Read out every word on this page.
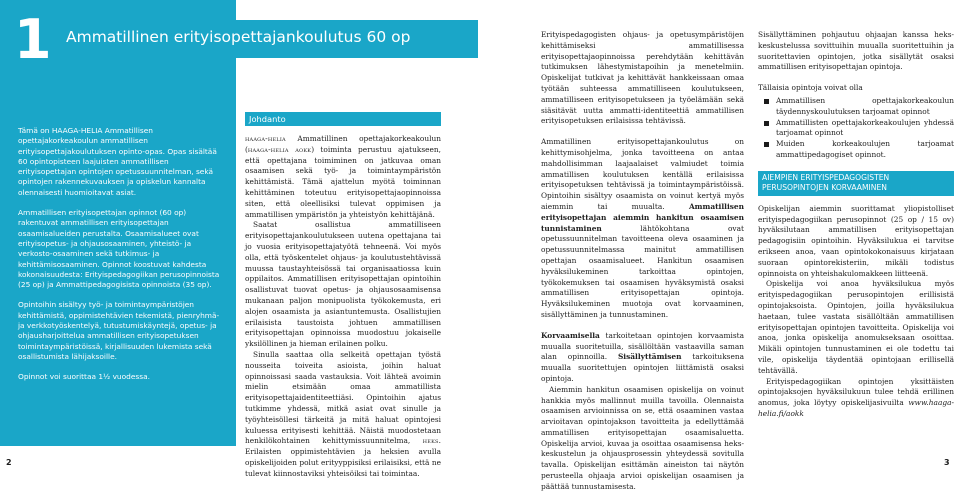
1

Tämä on HAAGA-HELIA Ammatillisen opettajakorkeakoulun ammatillisen erityisopettajakoulutuksen opinto-opas. Opas sisältää 60 opintopisteen laajuisten ammatillisen erityisopettajan opintojen opetussuunnitelman, sekä opintojen rakennekuvauksen ja opiskelun kannalta olennaisesti huomioitavat asiat.

Ammatillisen erityisopettajan opinnot (60 op) rakentuvat ammatillisen erityisopettajan osaamisalueiden perustalta. Osaamisalueet ovat erityisopetus- ja ohjausosaaminen, yhteistö- ja verkosto-osaaminen sekä tutkimus- ja kehittämisosaaminen. Opinnot koostuvat kahdesta kokonaisuudesta: Erityispedagogiikan perusopinnoista (25 op) ja Ammattipedagogisista opinnoista (35 op).

Opintoihin sisältyy työ- ja toimintaympäristöjen kehittämistä, oppimistehtävien tekemistä, pienryhmä- ja verkkotyöskentelyä, tutustumiskäyntejä, opetus- ja ohjausharjoittelua ammatillisen erityisopetuksen toimintaympäristöissä, kirjallisuuden lukemista sekä osallistumista lähijaksoille.

Opinnot voi suorittaa 1½ vuodessa.

Ammatillinen erityisopettajankoulutus 60 op
Johdanto

haaga-helia Ammatillinen opettajakorkeakoulun (haaga-helia aokk) toiminta perustuu ajatukseen, että opettajana toimiminen on jatkuvaa oman osaamisen sekä työ- ja toimintaympäristön kehittämistä. Tämä ajattelun myötä toiminnan kehittäminen toteutuu erityisopettajaopinnoissa siten, että oleellisiksi tulevat oppimisen ja ammatillisen ympäristön ja yhteistyön kehittäjänä.

Saatat osallistua ammatilliseen erityisopettajankoulutukseen uutena opettajana tai jo vuosia erityisopettajatyötä tehneenä. Voi myös olla, että työskentelet ohjaus- ja koulutustehtävissä muussa taustayhteisössä tai organisaatiossa kuin oppilaitos. Ammatillisen erityisopettajan opintoihin osallistuvat tuovat opetus- ja ohjausosaamisensa mukanaan paljon monipuolista työkokemusta, eri alojen osaamista ja asiantuntemusta. Osallistujien erilaisista taustoista johtuen ammatillisen erityisopettajan opinnoissa muodostuu jokaiselle yksilöllinen ja hieman erilainen polku.

Sinulla saattaa olla selkeitä opettajan työstä nousseita toiveita asioista, joihin haluat opinnoissasi saada vastauksia. Voit lähteä avoimin mielin etsimään omaa ammatillista erityisopettajaidentiteettiäsi. Opintoihin ajatus tutkimme yhdessä, mitkä asiat ovat sinulle ja työyhteisöllesi tärkeitä ja mitä haluat opintojesi kuluessa erityisesti kehittää. Näistä muodostetaan henkilökohtainen kehittymissuunnitelma, heks. Erilaisten oppimistehtävien ja heksien avulla opiskelijoiden polut erityyppisiksi erilaisiksi, että ne tulevat kiinnostaviksi yhteisöiksi tai toimintaa.

2

Erityispedagogisten ohjaus- ja opetusympäristöjen kehittämiseksi ammatillisessa erityisopettajaopinnoissa perehdytään kehittävän tutkimuksen lähestymistapoihin ja menetelmiin. Opiskelijat tutkivat ja kehittävät hankkeissaan omaa työtään suhteessa ammatilliseen koulutukseen, ammatilliseen erityisopetukseen ja työelämään sekä siäsitävät uutta ammatti-identiteettiä ammatillisen erityisopetuksen erilaisissa tehtävissä.

Ammatillinen erityisopettajankoulutus on kehittymisohjelma, jonka tavoitteena on antaa mahdollisimman laajaalaiset valmiudet toimia ammatillisen koulutuksen kentällä erilaisissa erityisopetuksen tehtävissä ja toimintaympäristöissä. Opintoihin sisältyy osaamista on voinut kertyä myös aiemmin tai muualta. Ammatillisen erityisopettajan aiemmin hankitun osaamisen tunnistaminen lähtökohtana ovat opetussuunnitelman tavoitteena oleva osaaminen ja opetussuunnitelmassa mainitut ammatillisen opettajan osaamisalueet. Hankitun osaamisen hyväksilukeminen tarkoittaa opintojen, työkokemuksen tai osaamisen hyväksymistä osaksi ammatillisen erityisopettajan opintoja. Hyväksilukeminen muotoja ovat korvaaminen, sisällyttäminen ja tunnustaminen.

Korvaamisella tarkoitetaan opintojen korvaamista muualla suoritetuilla, sisällöltään vastaavilla saman alan opinnoilla. Sisällyttämisen tarkoituksena muualla suoritettujen opintojen liittämistä osaksi opintoja.

Aiemmin hankitun osaamisen opiskelija on voinut hankkia myös mallinnut muilla tavoilla. Olennaista osaamisen arvioinnissa on se, että osaaminen vastaa arvioitavan opintojakson tavoitteita ja edellyttämää ammatillisen erityisopettajan osaamisaluetta. Opiskelija arvioi, kuvaa ja osoittaa osaamisensa heks-keskustelun ja ohjausprosessin yhteydessä sovitulla tavalla. Opiskelijan esittämän aineiston tai näytön perusteella ohjaaja arvioi opiskelijan osaamisen ja päättää tunnustamisesta.

Sisällyttäminen pohjautuu ohjaajan kanssa heks-keskustelussa sovittuihin muualla suoritettuihin ja suoritettavien opintojen, jotka sisällytät osaksi ammatillisen erityisopettajan opintoja.

Tällaisia opintoja voivat olla

Ammatillisen opettajakorkeakoulun täydennyskoulutuksen tarjoamat opinnot
Ammatillisten opettajakorkeakoulujen yhdessä tarjoamat opinnot
Muiden korkeakoulujen tarjoamat ammattipedagogiset opinnot.
AIEMPIEN ERITYISPEDAGOGISTEN PERUSOPINTOJEN KORVAAMINEN

Opiskelijan aiemmin suorittamat yliopistolliset erityispedagogiikan perusopinnot (25 op / 15 ov) hyväksilutaan ammatillisen erityisopettajan pedagogisiin opintoihin. Hyväksilukua ei tarvitse erikseen anoa, vaan opintokokonaisuus kirjataan suoraan opintorekisteriin, mikäli todistus opinnoista on yhteishakulomakkeen liitteenä.

Opiskelija voi anoa hyväksilukua myös erityispedagogiikan perusopintojen erillisistä opintojaksoista. Opintojen, joilla hyväksilukua haetaan, tulee vastata sisällöltään ammatillisen erityisopettajan opintojen tavoitteita. Opiskelija voi anoa, jonka opiskelija anomukseksaan osoittaa. Mikäli opintojen tunnustaminen ei ole todettu tai vile, opiskelija täydentää opintojaan erillisellä tehtävällä.

Erityispedagogiikan opintojen yksittäisten opintojaksojen hyväksilukuun tulee tehdä erillinen anomus, joka löytyy opiskelijasivuilta www.haaga-helia.fi/aokk

3
